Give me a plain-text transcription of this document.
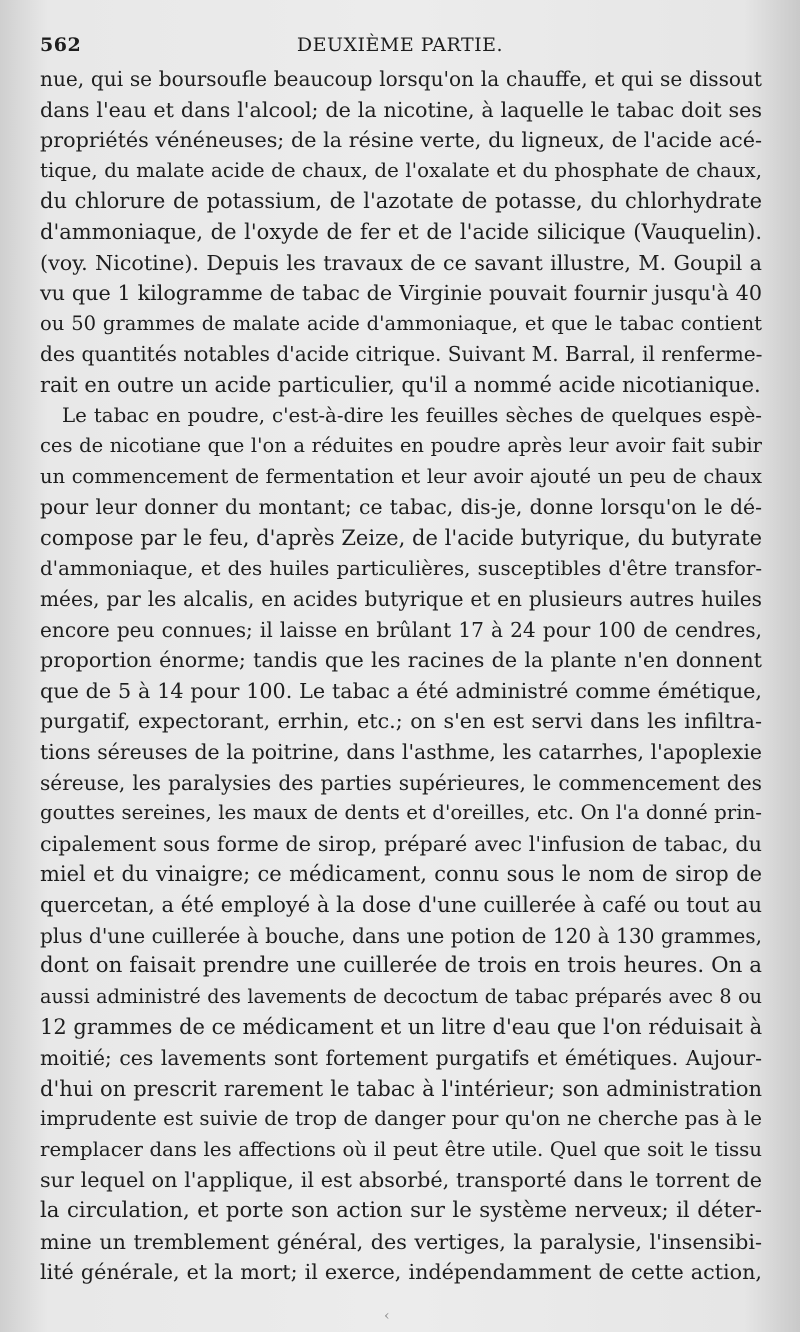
562	DEUXIÈME PARTIE.
nue, qui se boursoufle beaucoup lorsqu'on la chauffe, et qui se dissout
dans l'eau et dans l'alcool; de la nicotine, à laquelle le tabac doit ses
propriétés vénéneuses; de la résine verte, du ligneux, de l'acide acé-
tique, du malate acide de chaux, de l'oxalate et du phosphate de chaux,
du chlorure de potassium, de l'azotate de potasse, du chlorhydrate
d'ammoniaque, de l'oxyde de fer et de l'acide silicique (Vauquelin).
(voy. Nicotine). Depuis les travaux de ce savant illustre, M. Goupil a
vu que 1 kilogramme de tabac de Virginie pouvait fournir jusqu'à 40
ou 50 grammes de malate acide d'ammoniaque, et que le tabac contient
des quantités notables d'acide citrique. Suivant M. Barral, il renferme-
rait en outre un acide particulier, qu'il a nommé acide nicotianique.
Le tabac en poudre, c'est-à-dire les feuilles sèches de quelques espè-
ces de nicotiane que l'on a réduites en poudre après leur avoir fait subir
un commencement de fermentation et leur avoir ajouté un peu de chaux
pour leur donner du montant; ce tabac, dis-je, donne lorsqu'on le dé-
compose par le feu, d'après Zeize, de l'acide butyrique, du butyrate
d'ammoniaque, et des huiles particulières, susceptibles d'être transfor-
mées, par les alcalis, en acides butyrique et en plusieurs autres huiles
encore peu connues; il laisse en brûlant 17 à 24 pour 100 de cendres,
proportion énorme; tandis que les racines de la plante n'en donnent
que de 5 à 14 pour 100. Le tabac a été administré comme émétique,
purgatif, expectorant, errhin, etc.; on s'en est servi dans les infiltra-
tions séreuses de la poitrine, dans l'asthme, les catarrhes, l'apoplexie
séreuse, les paralysies des parties supérieures, le commencement des
gouttes sereines, les maux de dents et d'oreilles, etc. On l'a donné prin-
cipalement sous forme de sirop, préparé avec l'infusion de tabac, du
miel et du vinaigre; ce médicament, connu sous le nom de sirop de
quercetan, a été employé à la dose d'une cuillerée à café ou tout au
plus d'une cuillerée à bouche, dans une potion de 120 à 130 grammes,
dont on faisait prendre une cuillerée de trois en trois heures. On a
aussi administré des lavements de decoctum de tabac préparés avec 8 ou
12 grammes de ce médicament et un litre d'eau que l'on réduisait à
moitié; ces lavements sont fortement purgatifs et émétiques. Aujour-
d'hui on prescrit rarement le tabac à l'intérieur; son administration
imprudente est suivie de trop de danger pour qu'on ne cherche pas à le
remplacer dans les affections où il peut être utile. Quel que soit le tissu
sur lequel on l'applique, il est absorbé, transporté dans le torrent de
la circulation, et porte son action sur le système nerveux; il déter-
mine un tremblement général, des vertiges, la paralysie, l'insensibi-
lité générale, et la mort; il exerce, indépendamment de cette action,
‹
